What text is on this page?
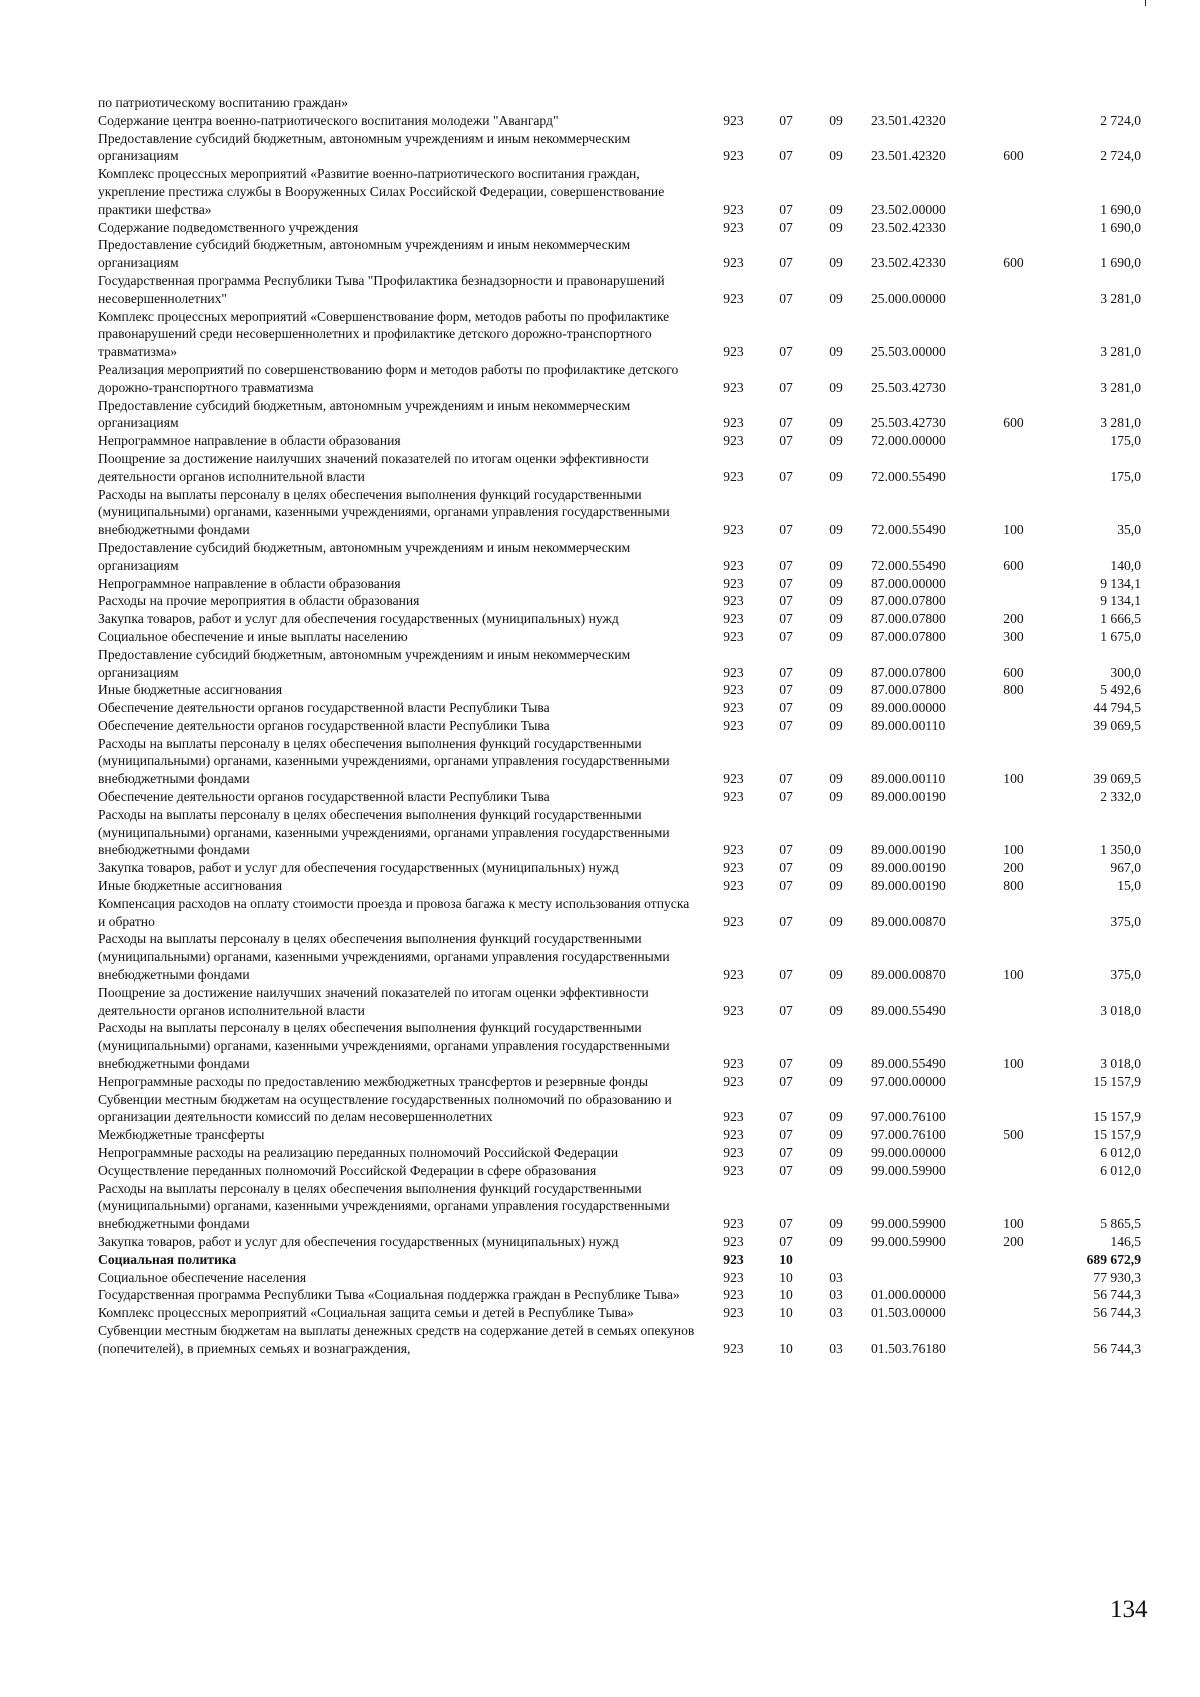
по патриотическому воспитанию граждан»						
Содержание центра военно-патриотического воспитания молодежи "Авангард"	923	07	09	23.501.42320		2 724,0
Предоставление субсидий бюджетным, автономным учреждениям и иным некоммерческим организациям	923	07	09	23.501.42320	600	2 724,0
Комплекс процессных мероприятий «Развитие военно-патриотического воспитания граждан, укрепление престижа службы в Вооруженных Силах Российской Федерации, совершенствование практики шефства»	923	07	09	23.502.00000		1 690,0
Содержание подведомственного учреждения	923	07	09	23.502.42330		1 690,0
Предоставление субсидий бюджетным, автономным учреждениям и иным некоммерческим организациям	923	07	09	23.502.42330	600	1 690,0
Государственная программа Республики Тыва "Профилактика безнадзорности и правонарушений несовершеннолетних"	923	07	09	25.000.00000		3 281,0
Комплекс процессных мероприятий «Совершенствование форм, методов работы по профилактике правонарушений среди несовершеннолетних и профилактике детского дорожно-транспортного травматизма»	923	07	09	25.503.00000		3 281,0
Реализация мероприятий по совершенствованию форм и методов работы по профилактике детского дорожно-транспортного травматизма	923	07	09	25.503.42730		3 281,0
Предоставление субсидий бюджетным, автономным учреждениям и иным некоммерческим организациям	923	07	09	25.503.42730	600	3 281,0
Непрограммное направление в области образования	923	07	09	72.000.00000		175,0
Поощрение за достижение наилучших значений показателей по итогам оценки эффективности деятельности органов исполнительной власти	923	07	09	72.000.55490		175,0
Расходы на выплаты персоналу в целях обеспечения выполнения функций государственными (муниципальными) органами, казенными учреждениями, органами управления государственными внебюджетными фондами	923	07	09	72.000.55490	100	35,0
Предоставление субсидий бюджетным, автономным учреждениям и иным некоммерческим организациям	923	07	09	72.000.55490	600	140,0
Непрограммное направление в области образования	923	07	09	87.000.00000		9 134,1
Расходы на прочие мероприятия в области образования	923	07	09	87.000.07800		9 134,1
Закупка товаров, работ и услуг для обеспечения государственных (муниципальных) нужд	923	07	09	87.000.07800	200	1 666,5
Социальное обеспечение и иные выплаты населению	923	07	09	87.000.07800	300	1 675,0
Предоставление субсидий бюджетным, автономным учреждениям и иным некоммерческим организациям	923	07	09	87.000.07800	600	300,0
Иные бюджетные ассигнования	923	07	09	87.000.07800	800	5 492,6
Обеспечение деятельности органов государственной власти Республики Тыва	923	07	09	89.000.00000		44 794,5
Обеспечение деятельности органов государственной власти Республики Тыва	923	07	09	89.000.00110		39 069,5
Расходы на выплаты персоналу в целях обеспечения выполнения функций государственными (муниципальными) органами, казенными учреждениями, органами управления государственными внебюджетными фондами	923	07	09	89.000.00110	100	39 069,5
Обеспечение деятельности органов государственной власти Республики Тыва	923	07	09	89.000.00190		2 332,0
Расходы на выплаты персоналу в целях обеспечения выполнения функций государственными (муниципальными) органами, казенными учреждениями, органами управления государственными внебюджетными фондами	923	07	09	89.000.00190	100	1 350,0
Закупка товаров, работ и услуг для обеспечения государственных (муниципальных) нужд	923	07	09	89.000.00190	200	967,0
Иные бюджетные ассигнования	923	07	09	89.000.00190	800	15,0
Компенсация расходов на оплату стоимости проезда и провоза багажа к месту использования отпуска и обратно	923	07	09	89.000.00870		375,0
Расходы на выплаты персоналу в целях обеспечения выполнения функций государственными (муниципальными) органами, казенными учреждениями, органами управления государственными внебюджетными фондами	923	07	09	89.000.00870	100	375,0
Поощрение за достижение наилучших значений показателей по итогам оценки эффективности деятельности органов исполнительной власти	923	07	09	89.000.55490		3 018,0
Расходы на выплаты персоналу в целях обеспечения выполнения функций государственными (муниципальными) органами, казенными учреждениями, органами управления государственными внебюджетными фондами	923	07	09	89.000.55490	100	3 018,0
Непрограммные расходы по предоставлению межбюджетных трансфертов и резервные фонды	923	07	09	97.000.00000		15 157,9
Субвенции местным бюджетам на осуществление государственных полномочий по образованию и организации деятельности комиссий по делам несовершеннолетних	923	07	09	97.000.76100		15 157,9
Межбюджетные трансферты	923	07	09	97.000.76100	500	15 157,9
Непрограммные расходы на реализацию переданных полномочий Российской Федерации	923	07	09	99.000.00000		6 012,0
Осуществление переданных полномочий Российской Федерации в сфере образования	923	07	09	99.000.59900		6 012,0
Расходы на выплаты персоналу в целях обеспечения выполнения функций государственными (муниципальными) органами, казенными учреждениями, органами управления государственными внебюджетными фондами	923	07	09	99.000.59900	100	5 865,5
Закупка товаров, работ и услуг для обеспечения государственных (муниципальных) нужд	923	07	09	99.000.59900	200	146,5
Социальная политика	923	10				689 672,9
Социальное обеспечение населения	923	10	03			77 930,3
Государственная программа Республики Тыва «Социальная поддержка граждан в Республике Тыва»	923	10	03	01.000.00000		56 744,3
Комплекс процессных мероприятий «Социальная защита семьи и детей в Республике Тыва»	923	10	03	01.503.00000		56 744,3
Субвенции местным бюджетам на выплаты денежных средств на содержание детей в семьях опекунов (попечителей), в приемных семьях и вознаграждения,	923	10	03	01.503.76180		56 744,3
134
